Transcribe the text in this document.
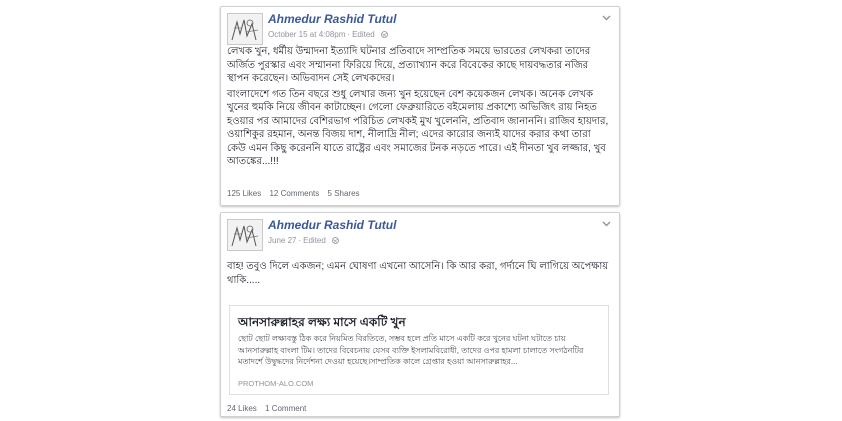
Ahmedur Rashid Tutul
October 15 at 4:08pm · Edited

লেখক খুন, ধর্মীয় উন্মাদনা ইত্যাদি ঘটনার প্রতিবাদে সাম্প্রতিক সময়ে ভারতের লেখকরা তাদের অর্জিত পুরস্কার এবং সম্মাননা ফিরিয়ে দিয়ে, প্রত্যাখ্যান করে বিবেকের কাছে দায়বদ্ধতার নজির স্থাপন করেছেন। অভিবাদন সেই লেখকদের।

বাংলাদেশে গত তিন বছরে শুধু লেখার জন্য খুন হয়েছেন বেশ কয়েকজন লেখক। অনেক লেখক খুনের হুমকি নিয়ে জীবন কাটাচ্ছেন। গেলো ফেব্রুয়ারিতে বইমেলায় প্রকাশ্যে অভিজিৎ রায় নিহত হওয়ার পর আমাদের বেশিরভাগ পরিচিত লেখকই মুখ খুলেননি, প্রতিবাদ জানাননি। রাজিব হায়দার, ওয়াশিকুর রহমান, অনন্ত বিজয় দাশ, নীলাদ্রি নীল; এদের কারোর জন্যই যাদের করার কথা তারা কেউ এমন কিছু করেননি যাতে রাষ্ট্রের এবং সমাজের টনক নড়তে পারে। এই দীনতা খুব লজ্জার, খুব আতঙ্কের...!!!

125 Likes 12 Comments 5 Shares
Ahmedur Rashid Tutul
June 27 · Edited

বাহ! তবুও দিলে একজন; এমন ঘোষণা এখনো আসেনি। কি আর করা, গর্দানে ঘি লাগিয়ে অপেক্ষায় থাকি.....

আনসারুল্লাহর লক্ষ্য মাসে একটি খুন
ছোট ছোট লক্ষ্যবস্তু ঠিক করে নিয়মিত বিরতিতে, সম্ভব হলে প্রতি মাসে একটি করে খুনের ঘটনা ঘটাতে চায় আনসারুল্লাহ বাংলা টিম। তাদের বিবেচনায় যেসব ব্যক্তি ইসলামবিরোধী, তাদের ওপর হামলা চালাতে সংগঠনটির মতাদর্শে উদ্বুদ্ধদের নির্দেশনা দেওয়া হয়েছে।সাম্প্রতিক কালে গ্রেপ্তার হওয়া আনসারুল্লাহর...
PROTHOM-ALO.COM
24 Likes 1 Comment
